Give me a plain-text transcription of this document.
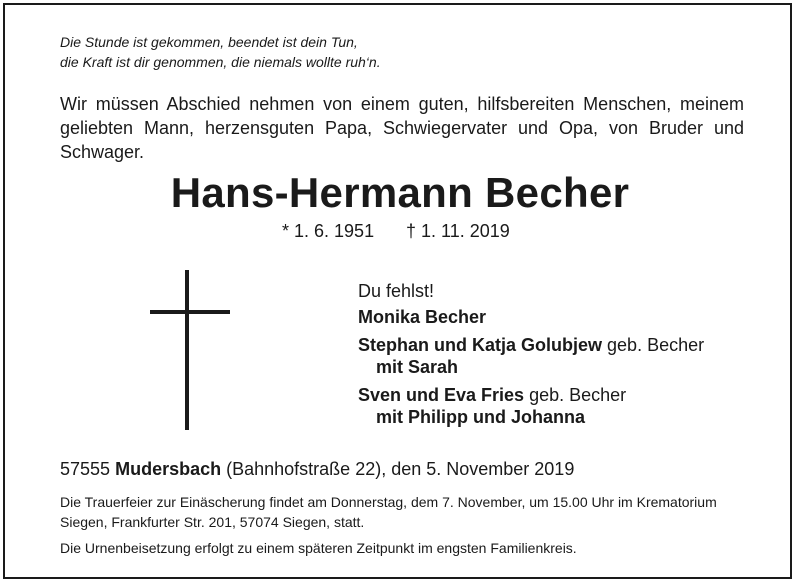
Die Stunde ist gekommen, beendet ist dein Tun,
die Kraft ist dir genommen, die niemals wollte ruh‘n.
Wir müssen Abschied nehmen von einem guten, hilfsbereiten Menschen, meinem geliebten Mann, herzensguten Papa, Schwiegervater und Opa, von Bruder und Schwager.
Hans-Hermann Becher
* 1. 6. 1951 † 1. 11. 2019
Du fehlst!
Monika Becher
Stephan und Katja Golubjew geb. Becher
mit Sarah
Sven und Eva Fries geb. Becher
mit Philipp und Johanna
57555 Mudersbach (Bahnhofstraße 22), den 5. November 2019
Die Trauerfeier zur Einäscherung findet am Donnerstag, dem 7. November, um 15.00 Uhr im Krematorium Siegen, Frankfurter Str. 201, 57074 Siegen, statt.
Die Urnenbeisetzung erfolgt zu einem späteren Zeitpunkt im engsten Familienkreis.
